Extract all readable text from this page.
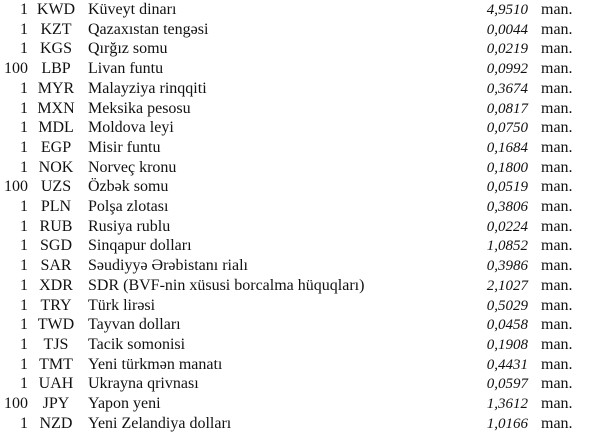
1 KWD Küveyt dinarı	4,9510 man.
1 KZT	Qazaxıstan tengəsi	0,0044 man.
1 KGS	Qırğız somu	0,0219 man.
100 LBP	Livan funtu	0,0992 man.
1 MYR Malayziya rinqqiti	0,3674 man.
1 MXN Meksika pesosu	0,0817 man.
1 MDL Moldova leyi	0,0750 man.
1 EGP	Misir funtu	0,1684 man.
1 NOK Norveç kronu	0,1800 man.
100 UZS	Özbək somu	0,0519 man.
1 PLN	Polşa zlotası	0,3806 man.
1 RUB Rusiya rublu	0,0224 man.
1 SGD	Sinqapur dolları	1,0852 man.
1 SAR	Səudiyyə Ərəbistanı rialı	0,3986 man.
1 XDR SDR (BVF-nin xüsusi borcalma hüquqları)	2,1027 man.
1 TRY	Türk lirəsi	0,5029 man.
1 TWD Tayvan dolları	0,0458 man.
1 TJS	Tacik somonisi	0,1908 man.
1 TMT Yeni türkmən manatı	0,4431 man.
1 UAH Ukrayna qrivnası	0,0597 man.
100 JPY	Yapon yeni	1,3612 man.
1 NZD Yeni Zelandiya dolları	1,0166 man.
